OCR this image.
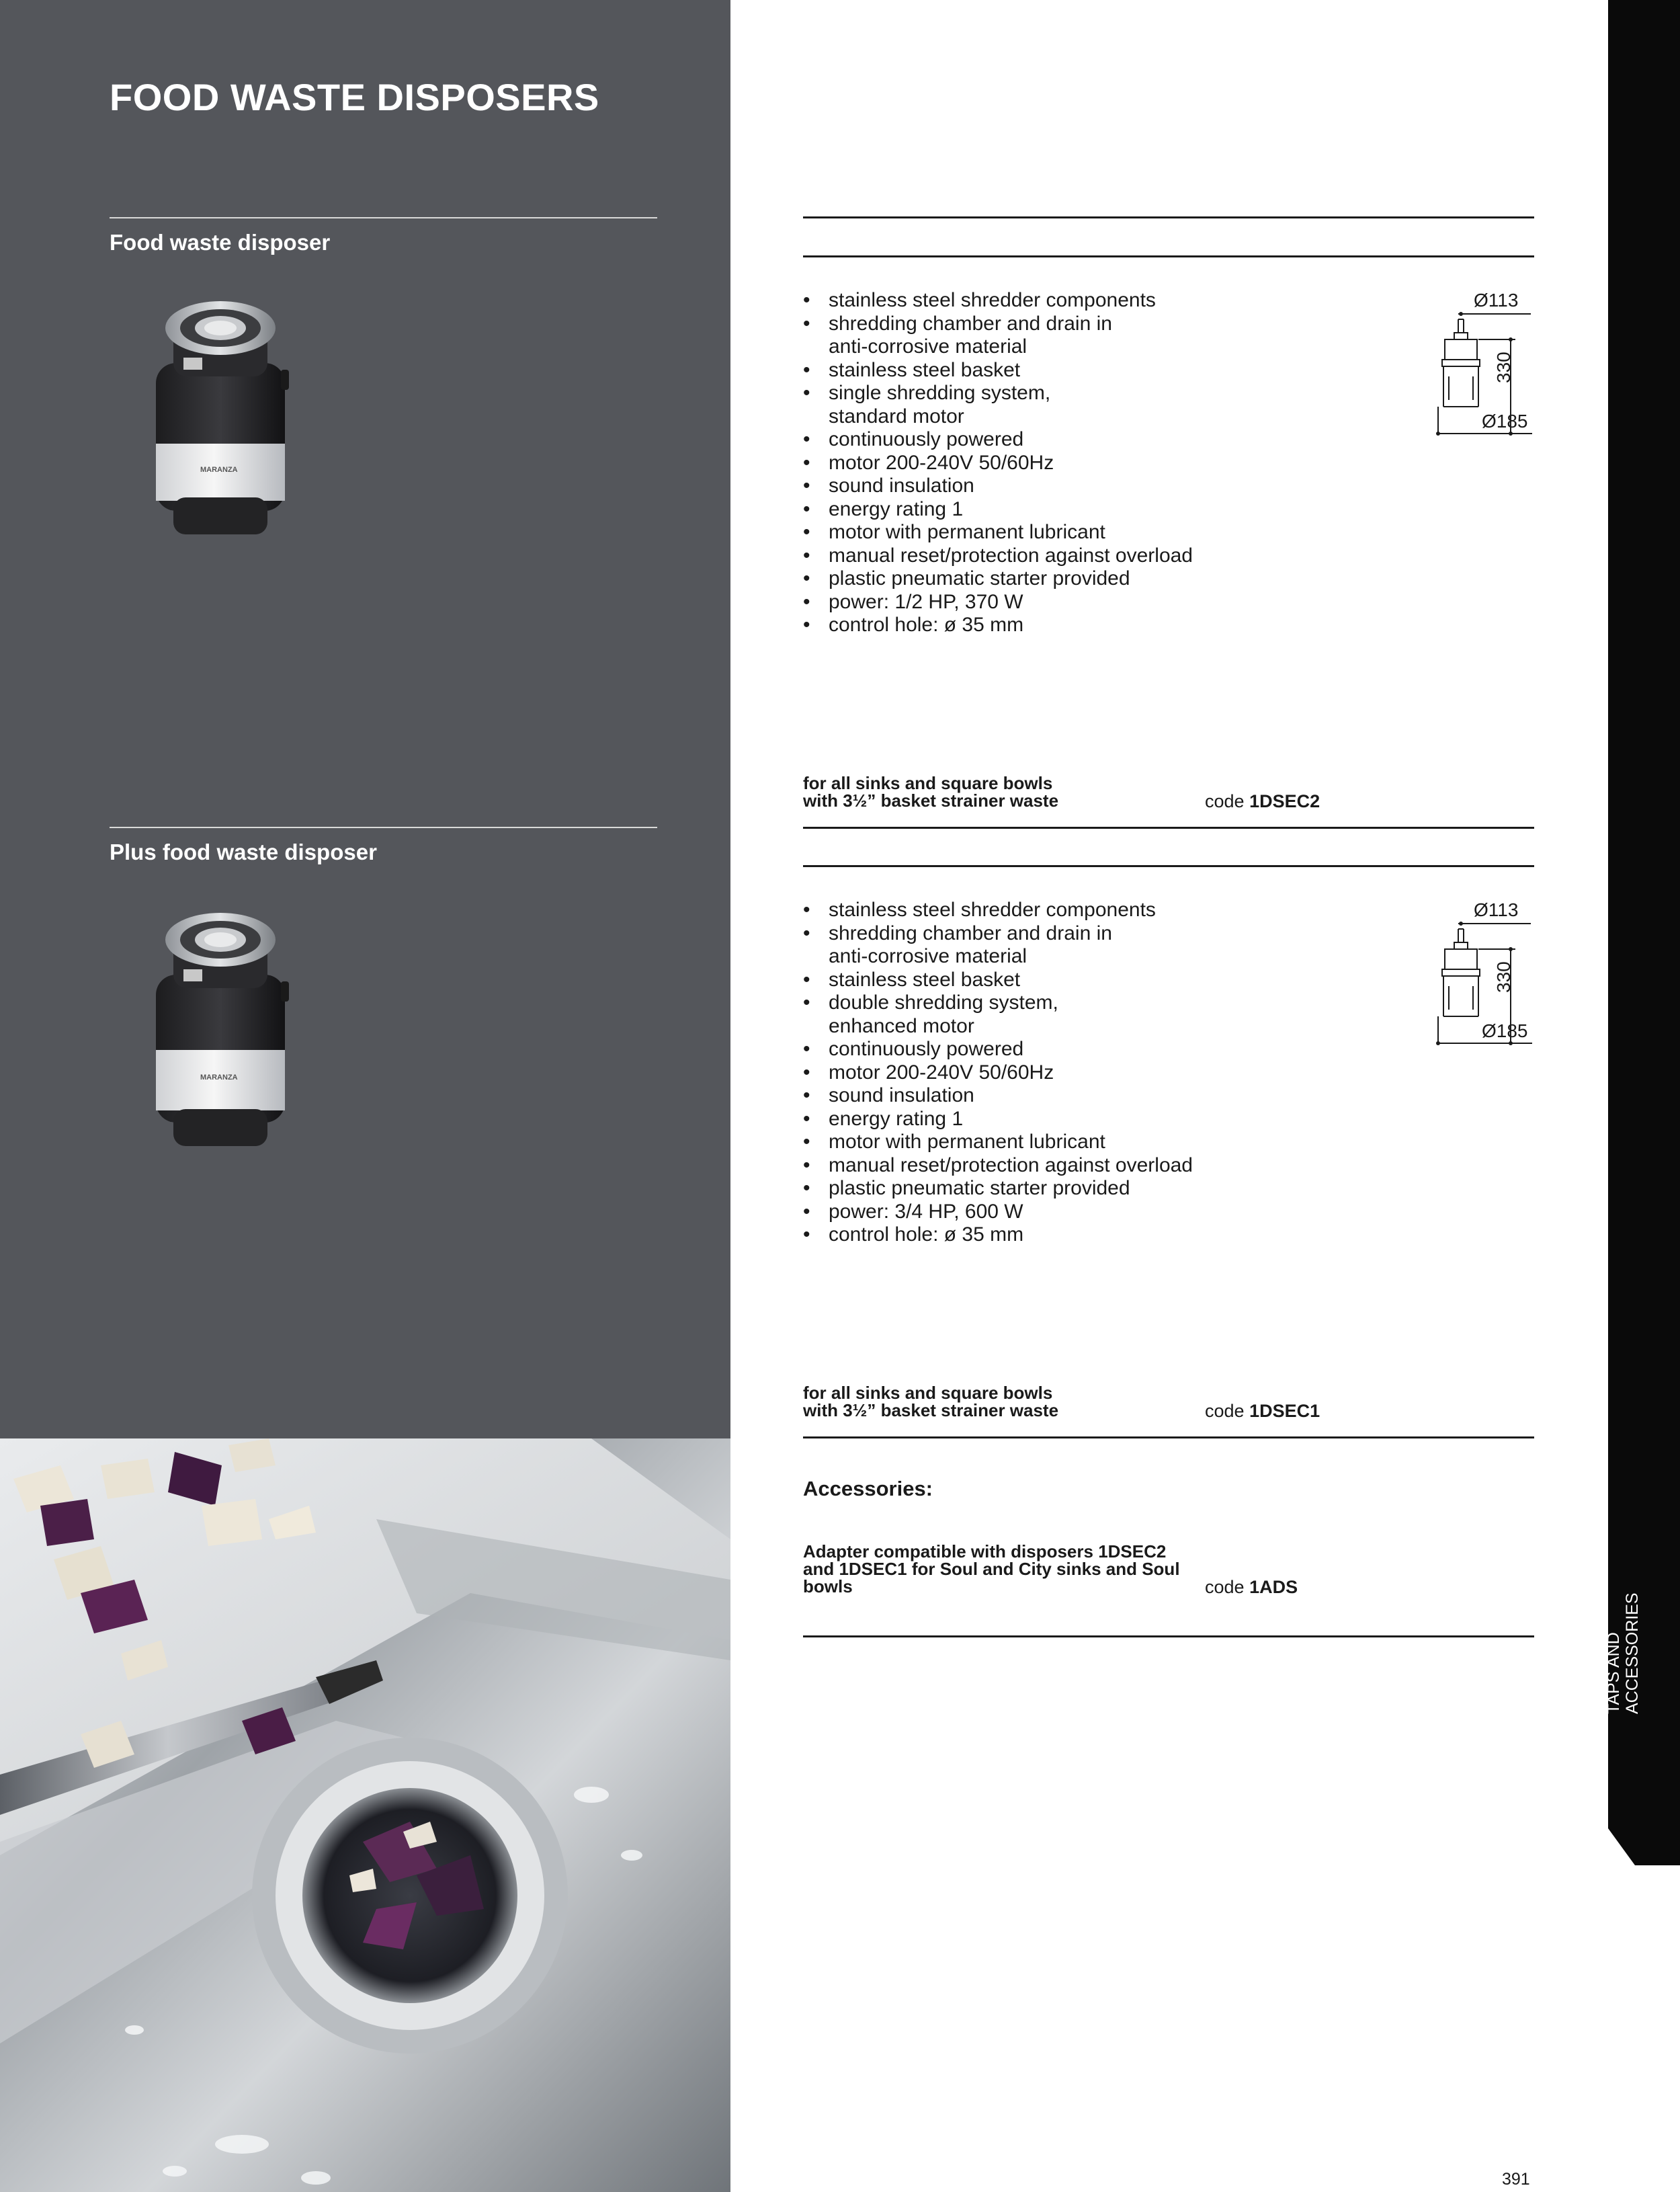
FOOD WASTE DISPOSERS
Food waste disposer
MARANZA
Plus food waste disposer
MARANZA
• stainless steel shredder components
• shredding chamber and drain in
anti-corrosive material
• stainless steel basket
• single shredding system,
standard motor
• continuously powered
• motor 200-240V 50/60Hz
• sound insulation
• energy rating 1
• motor with permanent lubricant
• manual reset/protection against overload
• plastic pneumatic starter provided
• power: 1/2 HP, 370 W
• control hole: ø 35 mm
Ø113
330
Ø185
for all sinks and square bowls
with 3½” basket strainer waste	code 1DSEC2
• stainless steel shredder components
• shredding chamber and drain in
anti-corrosive material
• stainless steel basket
• double shredding system,
enhanced motor
• continuously powered
• motor 200-240V 50/60Hz
• sound insulation
• energy rating 1
• motor with permanent lubricant
• manual reset/protection against overload
• plastic pneumatic starter provided
• power: 3/4 HP, 600 W
• control hole: ø 35 mm
Ø113
330
Ø185
for all sinks and square bowls
with 3½” basket strainer waste	code 1DSEC1
Accessories:
Adapter compatible with disposers 1DSEC2
and 1DSEC1 for Soul and City sinks and Soul
bowls	code 1ADS
TAPS AND ACCESSORIES
391
